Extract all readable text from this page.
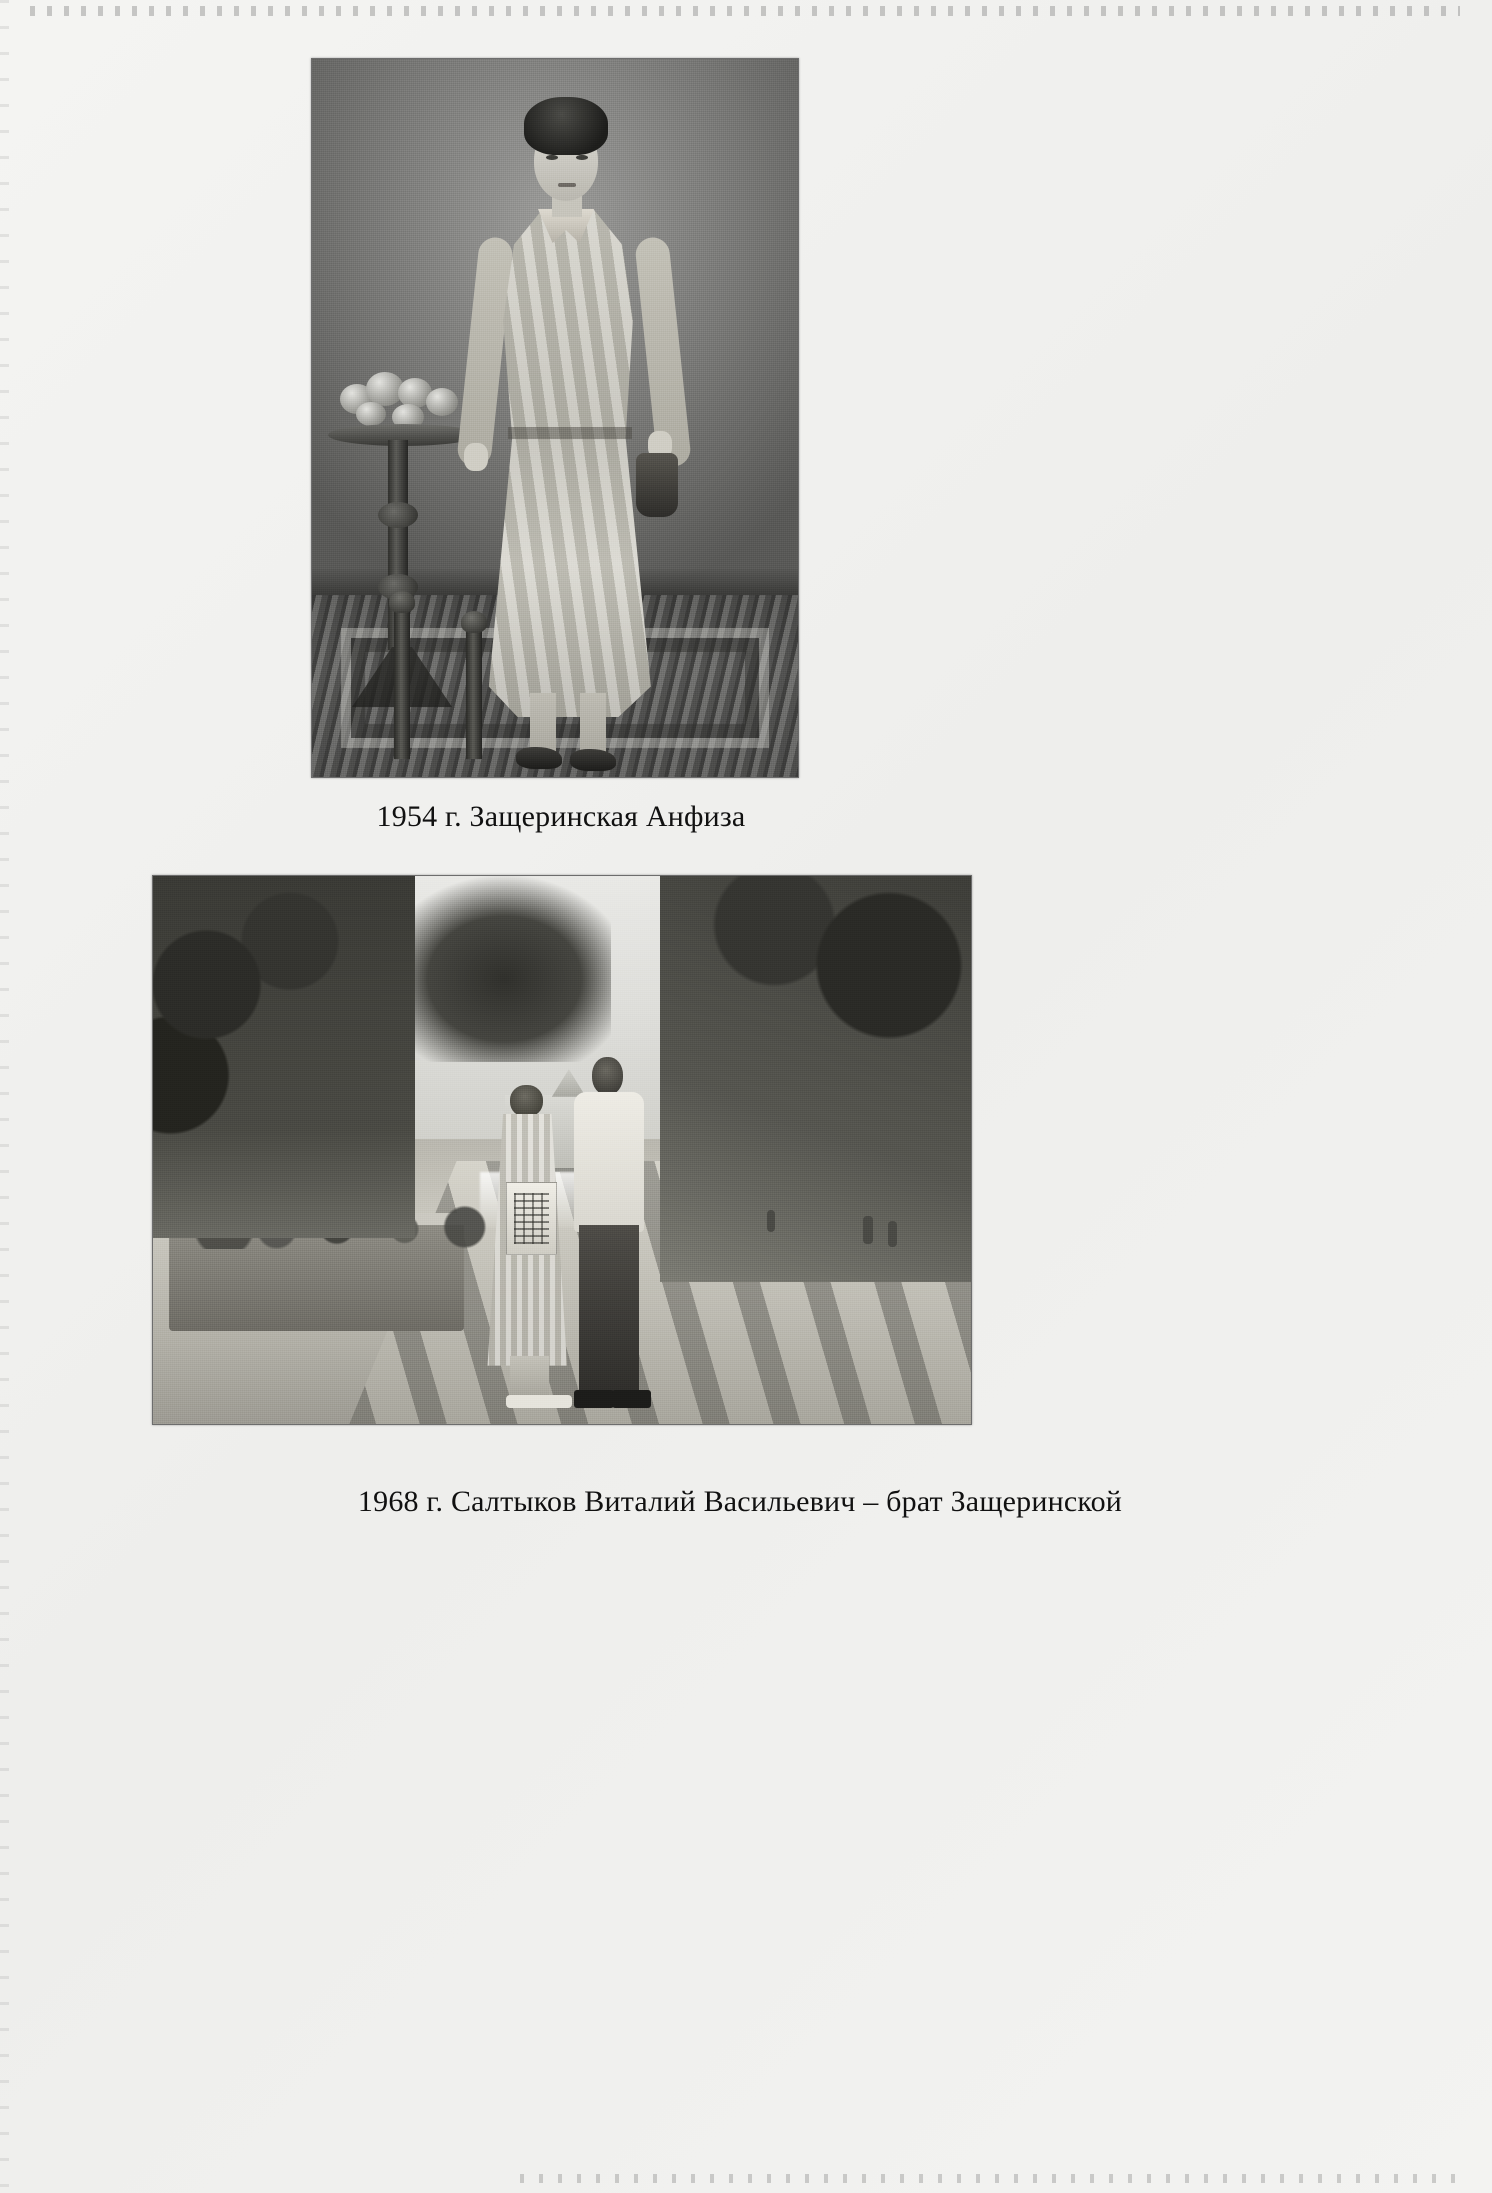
1954 г. Защеринская Анфиза
1968 г. Салтыков Виталий Васильевич – брат Защеринской
